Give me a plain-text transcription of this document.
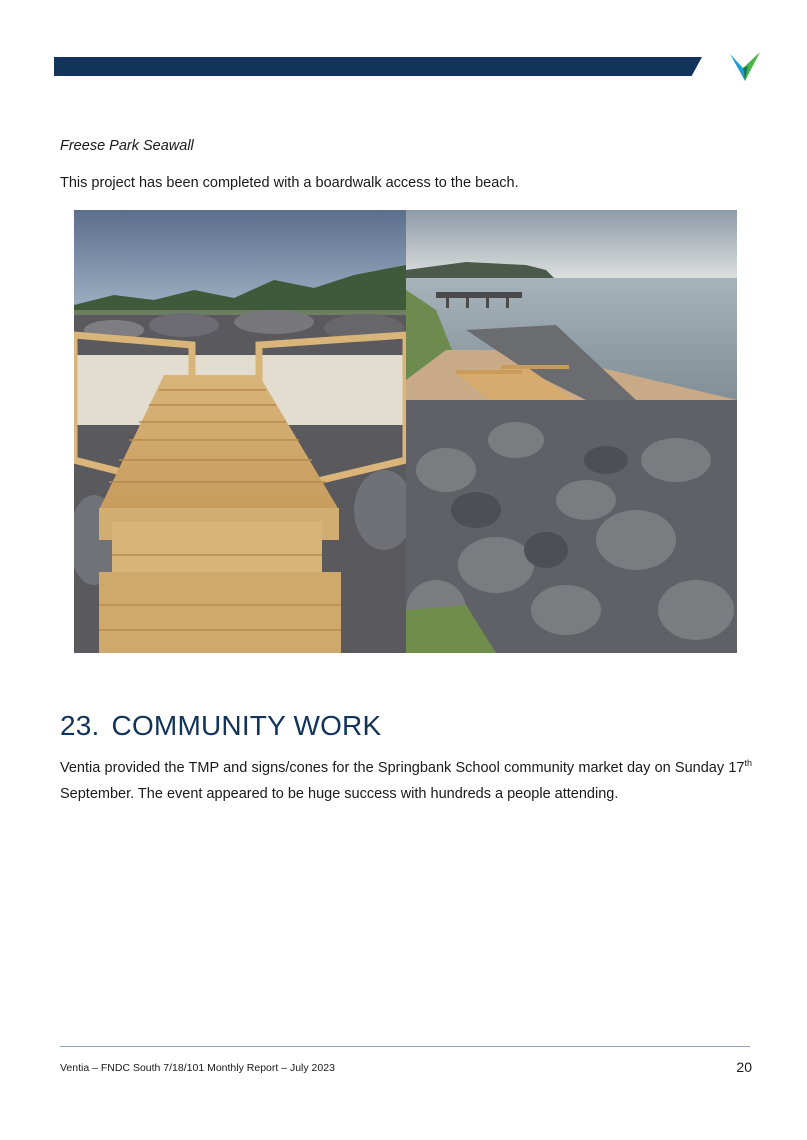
Freese Park Seawall

This project has been completed with a boardwalk access to the beach.

23. COMMUNITY WORK

Ventia provided the TMP and signs/cones for the Springbank School community market day on Sunday 17th September. The event appeared to be huge success with hundreds a people attending.

Ventia – FNDC South 7/18/101 Monthly Report – July 2023	20
